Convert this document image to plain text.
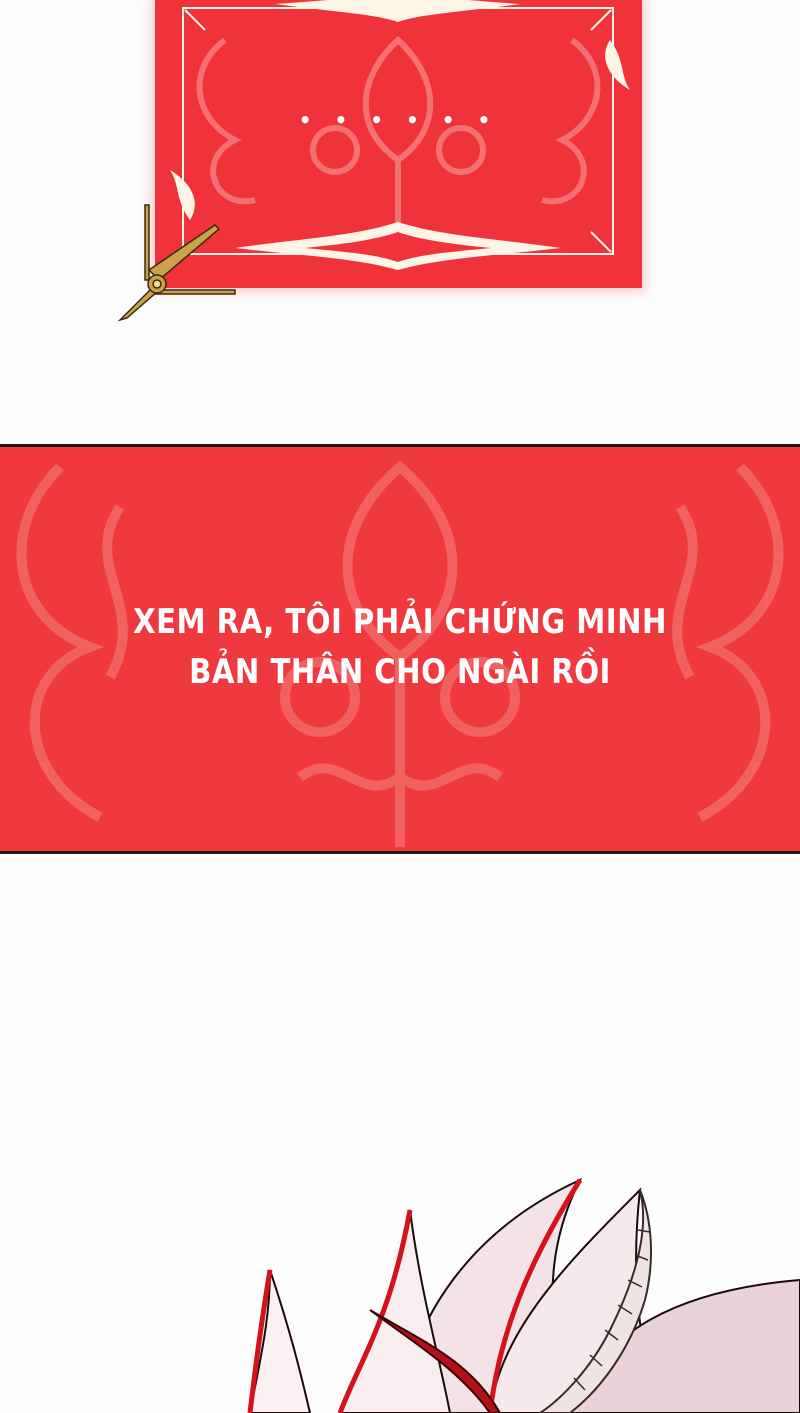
• • • • • •
XEM RA, TÔI PHẢI CHỨNG MINH
BẢN THÂN CHO NGÀI RỒI
